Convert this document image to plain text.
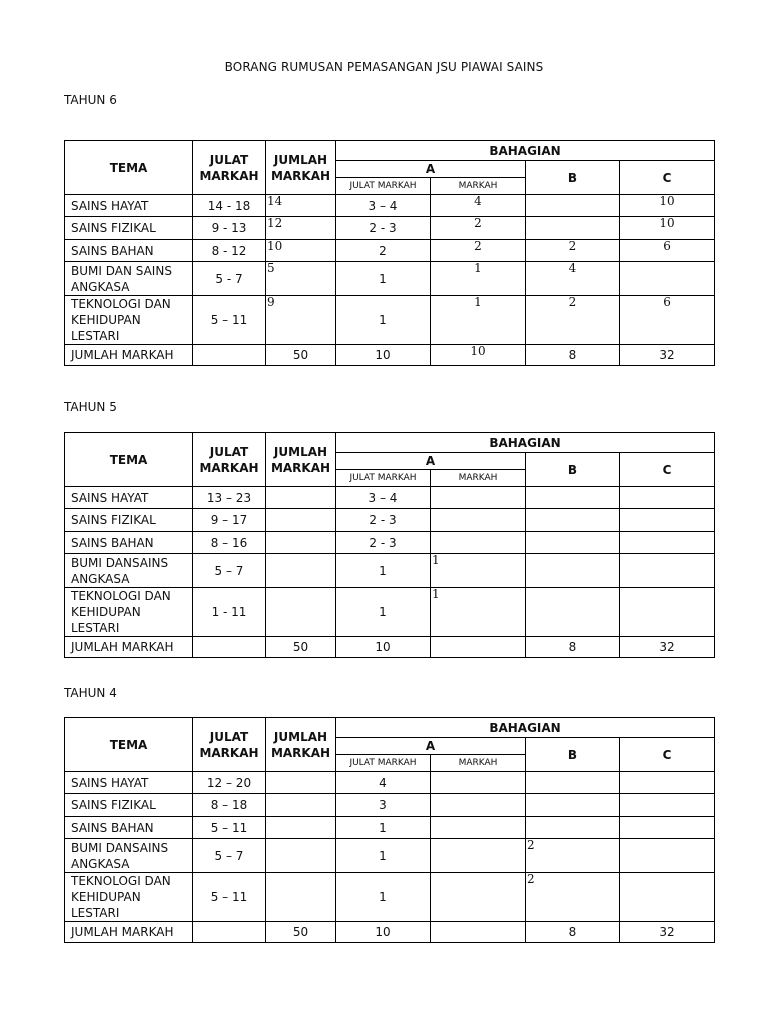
BORANG RUMUSAN PEMASANGAN JSU PIAWAI SAINS
TAHUN 6
TEMA	JULAT MARKAH	JUMLAH MARKAH	BAHAGIAN			
			A		B	C
			JULAT MARKAH	MARKAH		
SAINS HAYAT	14 - 18	14	3 – 4	4		10
SAINS FIZIKAL	9 - 13	12	2 - 3	2		10
SAINS BAHAN	8 - 12	10	2	2	2	6
BUMI DAN SAINS ANGKASA	5 - 7	5	1	1	4	
TEKNOLOGI DAN KEHIDUPAN LESTARI	5 – 11	9	1	1	2	6
JUMLAH MARKAH		50	10	10	8	32
TAHUN 5
TEMA	JULAT MARKAH	JUMLAH MARKAH	BAHAGIAN			
			A		B	C
			JULAT MARKAH	MARKAH		
SAINS HAYAT	13 – 23		3 – 4			
SAINS FIZIKAL	9 – 17		2 - 3			
SAINS BAHAN	8 – 16		2 - 3			
BUMI DANSAINS ANGKASA	5 – 7		1	1		
TEKNOLOGI DAN KEHIDUPAN LESTARI	1 - 11		1	1		
JUMLAH MARKAH		50	10		8	32
TAHUN 4
TEMA	JULAT MARKAH	JUMLAH MARKAH	BAHAGIAN			
			A		B	C
			JULAT MARKAH	MARKAH		
SAINS HAYAT	12 – 20		4			
SAINS FIZIKAL	8 – 18		3			
SAINS BAHAN	5 – 11		1			
BUMI DANSAINS ANGKASA	5 – 7		1		2	
TEKNOLOGI DAN KEHIDUPAN LESTARI	5 – 11		1		2	
JUMLAH MARKAH		50	10		8	32
